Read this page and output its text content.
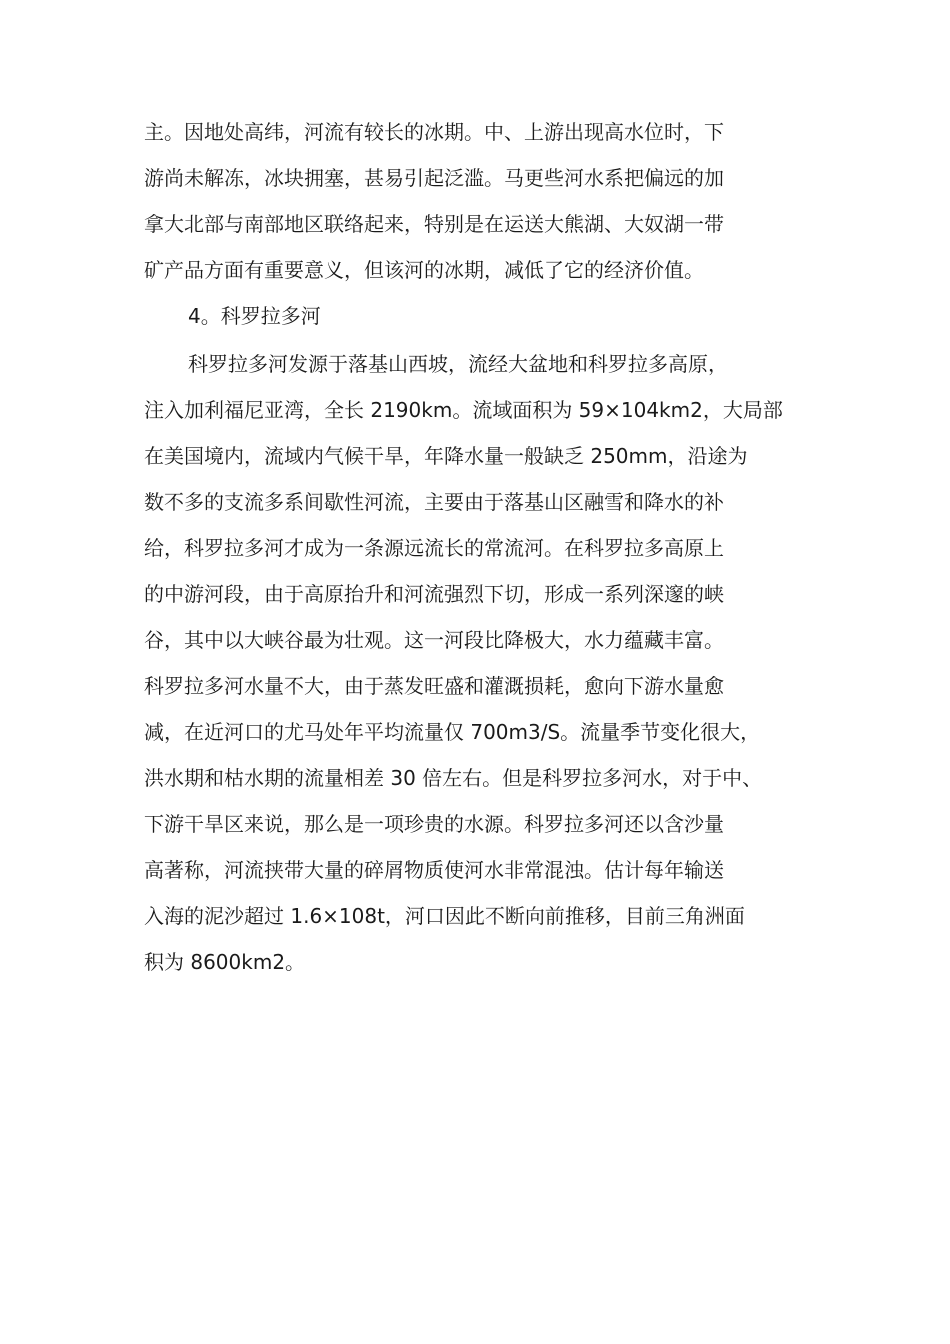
主。因地处高纬，河流有较长的冰期。中、上游出现高水位时，下
游尚未解冻，冰块拥塞，甚易引起泛滥。马更些河水系把偏远的加
拿大北部与南部地区联络起来，特别是在运送大熊湖、大奴湖一带
矿产品方面有重要意义，但该河的冰期，减低了它的经济价值。
4。科罗拉多河
科罗拉多河发源于落基山西坡，流经大盆地和科罗拉多高原，
注入加利福尼亚湾，全长 2190km。流域面积为 59×104km2，大局部
在美国境内，流域内气候干旱，年降水量一般缺乏 250mm，沿途为
数不多的支流多系间歇性河流，主要由于落基山区融雪和降水的补
给，科罗拉多河才成为一条源远流长的常流河。在科罗拉多高原上
的中游河段，由于高原抬升和河流强烈下切，形成一系列深邃的峡
谷，其中以大峡谷最为壮观。这一河段比降极大，水力蕴藏丰富。
科罗拉多河水量不大，由于蒸发旺盛和灌溉损耗，愈向下游水量愈
减，在近河口的尤马处年平均流量仅 700m3/S。流量季节变化很大，
洪水期和枯水期的流量相差 30 倍左右。但是科罗拉多河水，对于中、
下游干旱区来说，那么是一项珍贵的水源。科罗拉多河还以含沙量
高著称，河流挟带大量的碎屑物质使河水非常混浊。估计每年输送
入海的泥沙超过 1.6×108t，河口因此不断向前推移，目前三角洲面
积为 8600km2。
